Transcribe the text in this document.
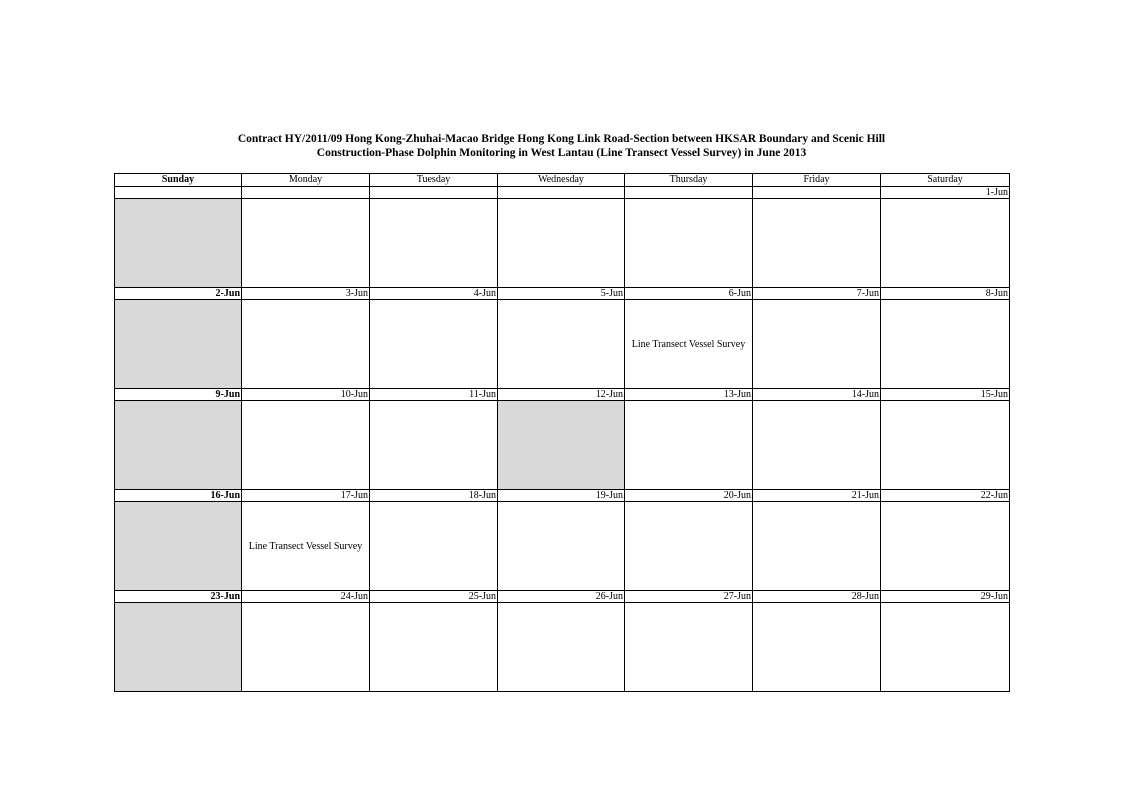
Contract HY/2011/09 Hong Kong-Zhuhai-Macao Bridge Hong Kong Link Road-Section between HKSAR Boundary and Scenic Hill
Construction-Phase Dolphin Monitoring in West Lantau (Line Transect Vessel Survey) in June 2013
Sunday	Monday	Tuesday	Wednesday	Thursday	Friday	Saturday
						1-Jun

2-Jun	3-Jun	4-Jun	5-Jun	6-Jun	7-Jun	8-Jun
				Line Transect Vessel Survey		
9-Jun	10-Jun	11-Jun	12-Jun	13-Jun	14-Jun	15-Jun

16-Jun	17-Jun	18-Jun	19-Jun	20-Jun	21-Jun	22-Jun
	Line Transect Vessel Survey					
23-Jun	24-Jun	25-Jun	26-Jun	27-Jun	28-Jun	29-Jun
